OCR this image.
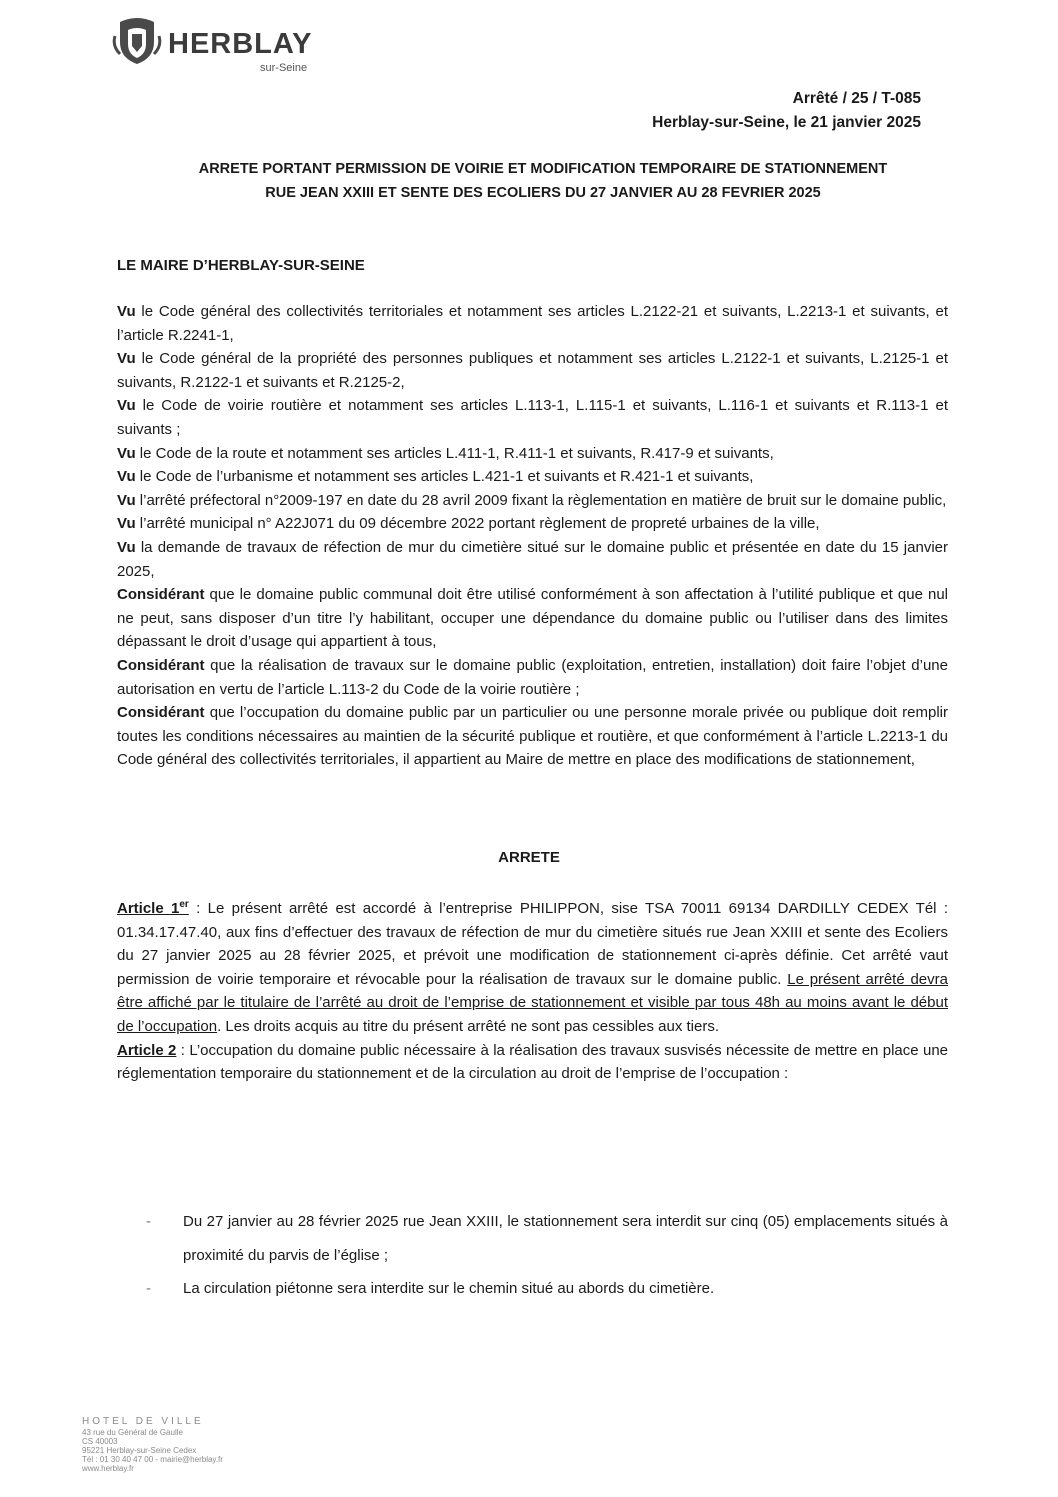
HERBLAY
sur-Seine
Arrêté / 25 / T-085
Herblay-sur-Seine, le 21 janvier 2025
ARRETE PORTANT PERMISSION DE VOIRIE ET MODIFICATION TEMPORAIRE DE STATIONNEMENT
RUE JEAN XXIII ET SENTE DES ECOLIERS DU 27 JANVIER AU 28 FEVRIER 2025
LE MAIRE D’HERBLAY-SUR-SEINE

Vu le Code général des collectivités territoriales et notamment ses articles L.2122-21 et suivants, L.2213-1 et suivants, et l’article R.2241-1,

Vu le Code général de la propriété des personnes publiques et notamment ses articles L.2122-1 et suivants, L.2125-1 et suivants, R.2122-1 et suivants et R.2125-2,

Vu le Code de voirie routière et notamment ses articles L.113-1, L.115-1 et suivants, L.116-1 et suivants et R.113-1 et suivants ;

Vu le Code de la route et notamment ses articles L.411-1, R.411-1 et suivants, R.417-9 et suivants,

Vu le Code de l’urbanisme et notamment ses articles L.421-1 et suivants et R.421-1 et suivants,

Vu l’arrêté préfectoral n°2009-197 en date du 28 avril 2009 fixant la règlementation en matière de bruit sur le domaine public,

Vu l’arrêté municipal n° A22J071 du 09 décembre 2022 portant règlement de propreté urbaines de la ville,

Vu la demande de travaux de réfection de mur du cimetière situé sur le domaine public et présentée en date du 15 janvier 2025,

Considérant que le domaine public communal doit être utilisé conformément à son affectation à l’utilité publique et que nul ne peut, sans disposer d’un titre l’y habilitant, occuper une dépendance du domaine public ou l’utiliser dans des limites dépassant le droit d’usage qui appartient à tous,

Considérant que la réalisation de travaux sur le domaine public (exploitation, entretien, installation) doit faire l’objet d’une autorisation en vertu de l’article L.113-2 du Code de la voirie routière ;

Considérant que l’occupation du domaine public par un particulier ou une personne morale privée ou publique doit remplir toutes les conditions nécessaires au maintien de la sécurité publique et routière, et que conformément à l’article L.2213-1 du Code général des collectivités territoriales, il appartient au Maire de mettre en place des modifications de stationnement,

ARRETE

Article 1er : Le présent arrêté est accordé à l’entreprise PHILIPPON, sise TSA 70011 69134 DARDILLY CEDEX Tél : 01.34.17.47.40, aux fins d’effectuer des travaux de réfection de mur du cimetière situés rue Jean XXIII et sente des Ecoliers du 27 janvier 2025 au 28 février 2025, et prévoit une modification de stationnement ci-après définie. Cet arrêté vaut permission de voirie temporaire et révocable pour la réalisation de travaux sur le domaine public. Le présent arrêté devra être affiché par le titulaire de l’arrêté au droit de l’emprise de stationnement et visible par tous 48h au moins avant le début de l’occupation. Les droits acquis au titre du présent arrêté ne sont pas cessibles aux tiers.

Article 2 : L’occupation du domaine public nécessaire à la réalisation des travaux susvisés nécessite de mettre en place une réglementation temporaire du stationnement et de la circulation au droit de l’emprise de l’occupation :

- Du 27 janvier au 28 février 2025 rue Jean XXIII, le stationnement sera interdit sur cinq (05) emplacements situés à proximité du parvis de l’église ;
- La circulation piétonne sera interdite sur le chemin situé au abords du cimetière.
HOTEL DE VILLE
43 rue du Général de Gaulle
CS 40003
95221 Herblay-sur-Seine Cedex
Tél : 01 30 40 47 00 - mairie@herblay.fr
www.herblay.fr
